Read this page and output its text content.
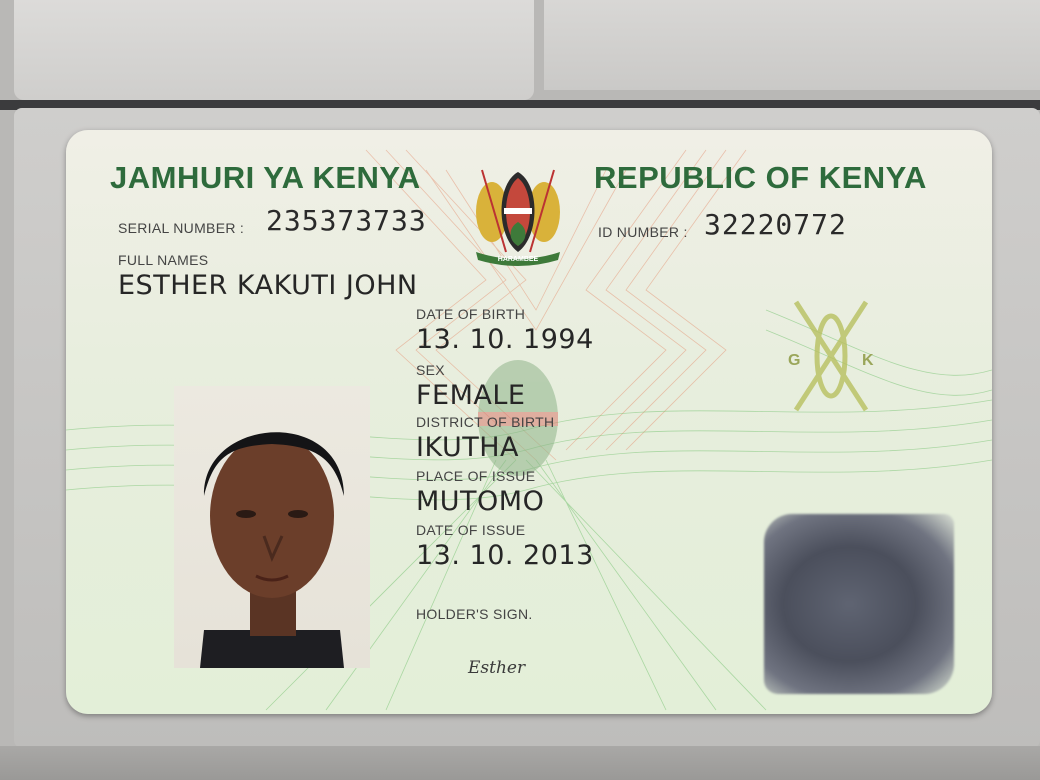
HARAMBEE
JAMHURI YA KENYA	REPUBLIC OF KENYA
SERIAL NUMBER : 235373733	ID NUMBER : 32220772
FULL NAMES
ESTHER KAKUTI JOHN
DATE OF BIRTH
13. 10. 1994
SEX
FEMALE
DISTRICT OF BIRTH
IKUTHA
PLACE OF ISSUE
MUTOMO
DATE OF ISSUE
13. 10. 2013
HOLDER'S SIGN.
Esther
G	K
